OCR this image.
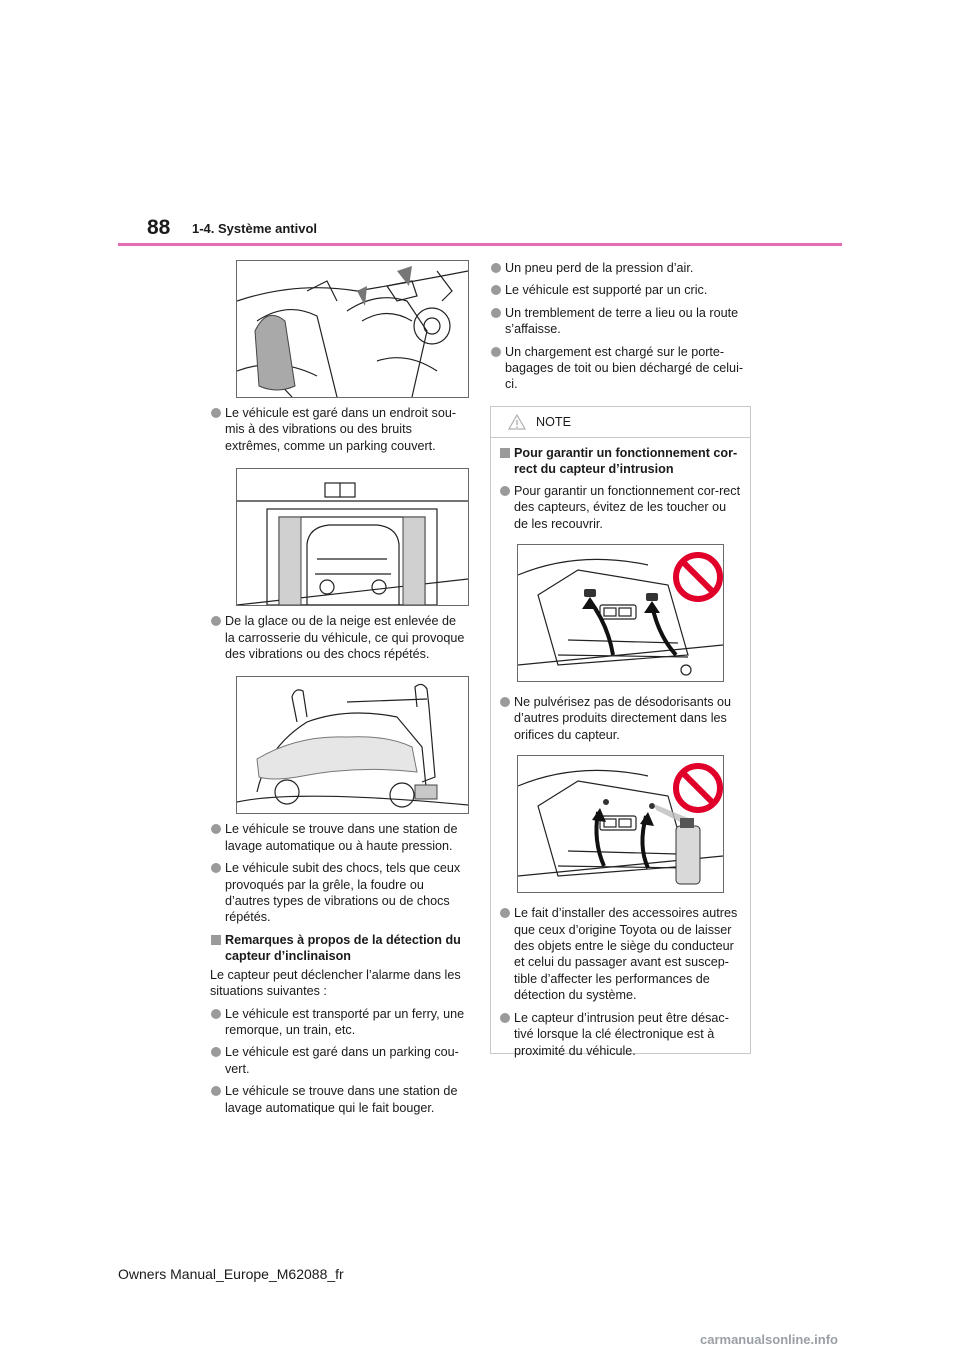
88 1-4. Système antivol

Le véhicule est garé dans un endroit sou-mis à des vibrations ou des bruits extrêmes, comme un parking couvert.

De la glace ou de la neige est enlevée de la carrosserie du véhicule, ce qui provoque des vibrations ou des chocs répétés.

Le véhicule se trouve dans une station de lavage automatique ou à haute pression.

Le véhicule subit des chocs, tels que ceux provoqués par la grêle, la foudre ou d’autres types de vibrations ou de chocs répétés.

Remarques à propos de la détection du capteur d’inclinaison

Le capteur peut déclencher l’alarme dans les situations suivantes :

Le véhicule est transporté par un ferry, une remorque, un train, etc.

Le véhicule est garé dans un parking cou-vert.

Le véhicule se trouve dans une station de lavage automatique qui le fait bouger.

Un pneu perd de la pression d’air.

Le véhicule est supporté par un cric.

Un tremblement de terre a lieu ou la route s’affaisse.

Un chargement est chargé sur le porte-bagages de toit ou bien déchargé de celui-ci.

NOTE

Pour garantir un fonctionnement cor-rect du capteur d’intrusion

Pour garantir un fonctionnement cor-rect des capteurs, évitez de les toucher ou de les recouvrir.

Ne pulvérisez pas de désodorisants ou d’autres produits directement dans les orifices du capteur.

Le fait d’installer des accessoires autres que ceux d’origine Toyota ou de laisser des objets entre le siège du conducteur et celui du passager avant est suscep-tible d’affecter les performances de détection du système.

Le capteur d’intrusion peut être désac-tivé lorsque la clé électronique est à proximité du véhicule.

Owners Manual_Europe_M62088_fr
carmanualsonline.info
